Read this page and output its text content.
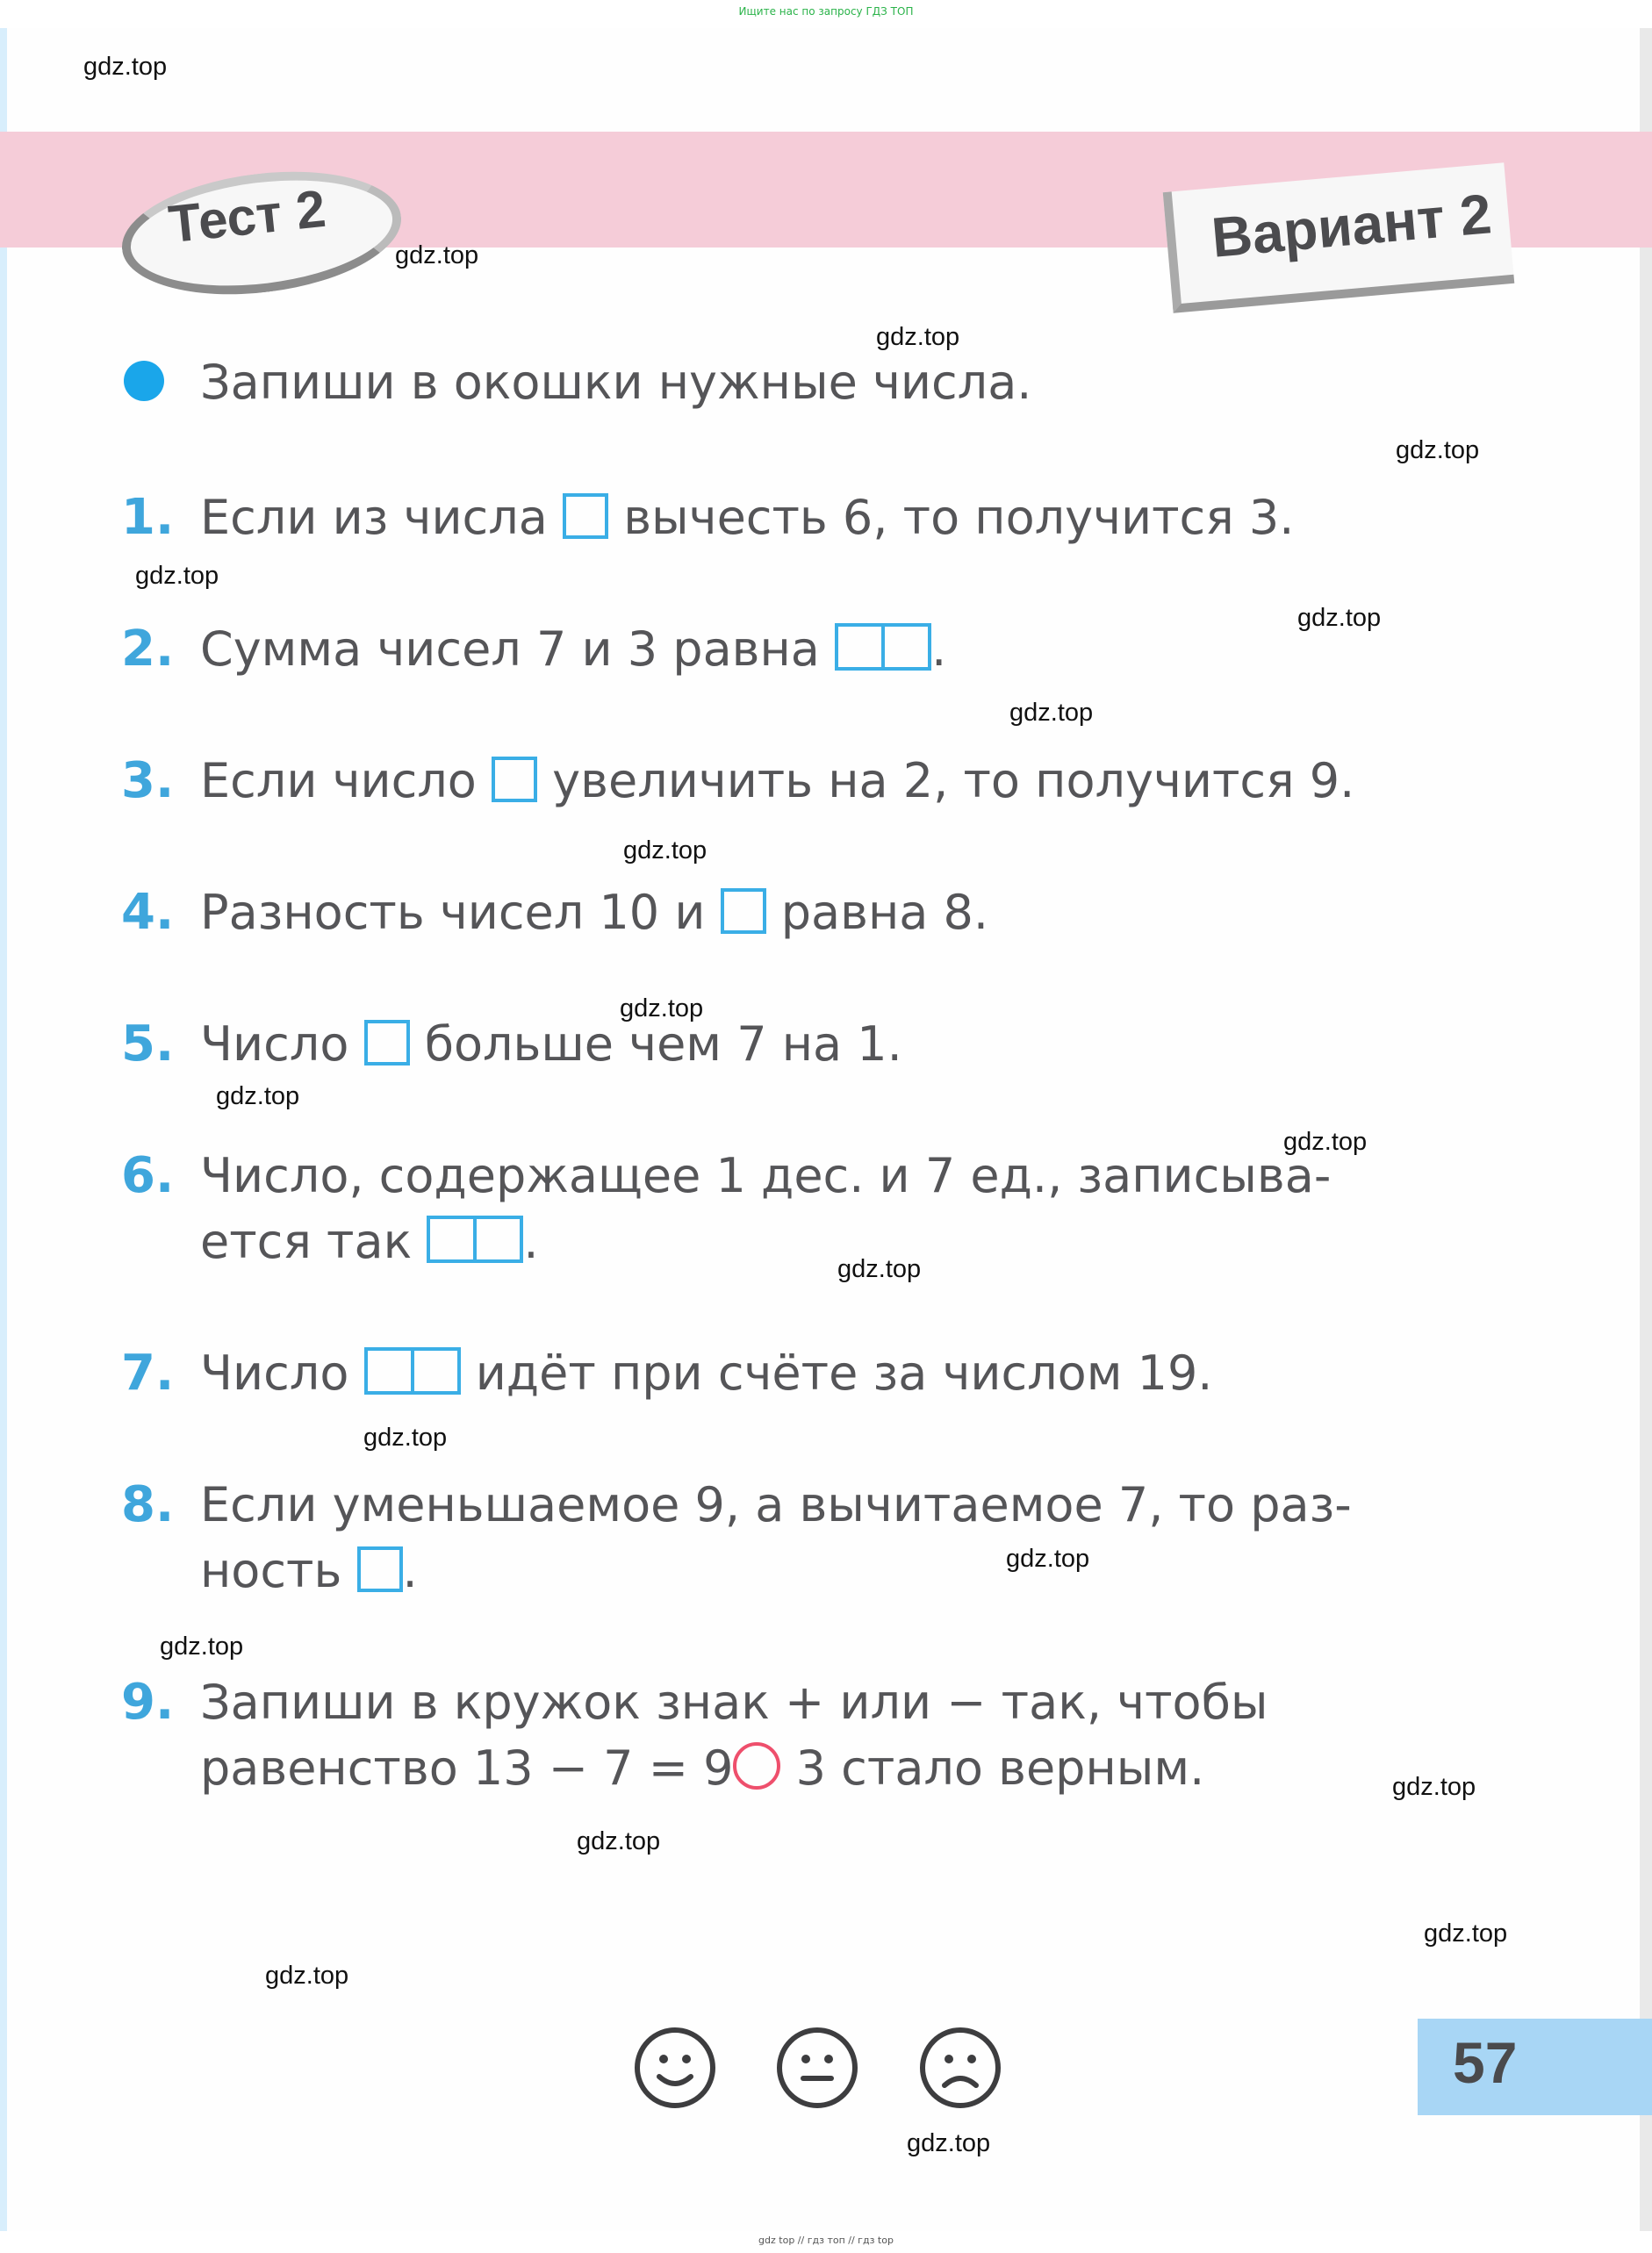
Ищите нас по запросу ГДЗ ТОП
Тест 2	Вариант 2
Запиши в окошки нужные числа.
1. Если из числа вычесть 6, то получится 3.
2. Сумма чисел 7 и 3 равна .
3. Если число увеличить на 2, то получится 9.
4. Разность чисел 10 и равна 8.
5. Число больше чем 7 на 1.
6. Число, содержащее 1 дес. и 7 ед., записыва-
ется так .
7. Число	идёт при счёте за числом 19.
8. Если уменьшаемое 9, а вычитаемое 7, то раз-
ность .
9. Запиши в кружок знак + или − так, чтобы
равенство 13 − 7 = 9 3 стало верным.
gdz.top
gdz.top
gdz.top
gdz.top
gdz.top
gdz.top
gdz.top
gdz.top
gdz.top
gdz.top
gdz.top
gdz.top
gdz.top
gdz.top
gdz.top
gdz.top
gdz.top
gdz.top
gdz.top
gdz.top
57
gdz top // гдз топ // гдз top
